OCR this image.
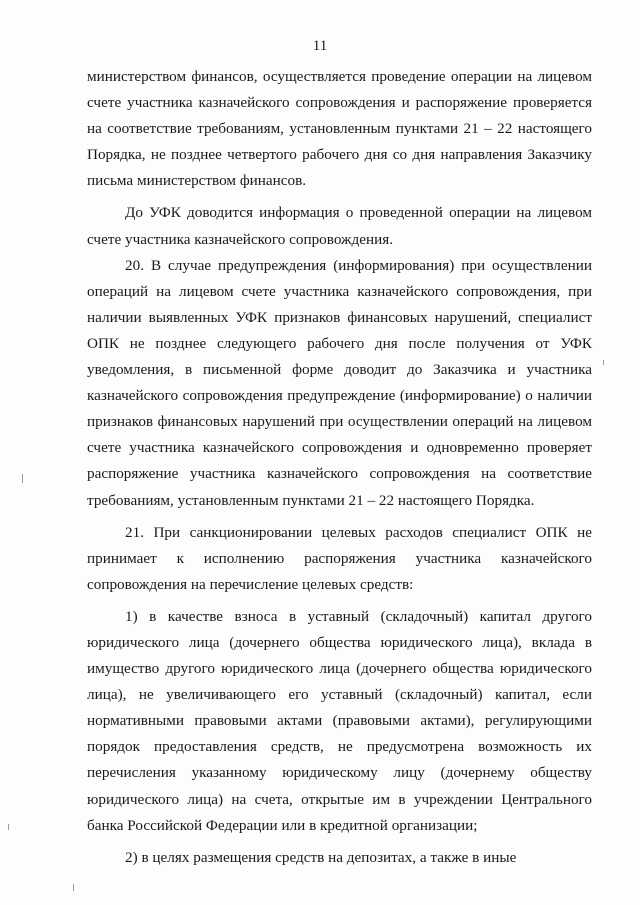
11

министерством финансов, осуществляется проведение операции на лицевом счете участника казначейского сопровождения и распоряжение проверяется на соответствие требованиям, установленным пунктами 21 – 22 настоящего Порядка, не позднее четвертого рабочего дня со дня направления Заказчику письма министерством финансов.

До УФК доводится информация о проведенной операции на лицевом счете участника казначейского сопровождения.

20. В случае предупреждения (информирования) при осуществлении операций на лицевом счете участника казначейского сопровождения, при наличии выявленных УФК признаков финансовых нарушений, специалист ОПК не позднее следующего рабочего дня после получения от УФК уведомления, в письменной форме доводит до Заказчика и участника казначейского сопровождения предупреждение (информирование) о наличии признаков финансовых нарушений при осуществлении операций на лицевом счете участника казначейского сопровождения и одновременно проверяет распоряжение участника казначейского сопровождения на соответствие требованиям, установленным пунктами 21 – 22 настоящего Порядка.

21. При санкционировании целевых расходов специалист ОПК не принимает к исполнению распоряжения участника казначейского сопровождения на перечисление целевых средств:

1) в качестве взноса в уставный (складочный) капитал другого юридического лица (дочернего общества юридического лица), вклада в имущество другого юридического лица (дочернего общества юридического лица), не увеличивающего его уставный (складочный) капитал, если нормативными правовыми актами (правовыми актами), регулирующими порядок предоставления средств, не предусмотрена возможность их перечисления указанному юридическому лицу (дочернему обществу юридического лица) на счета, открытые им в учреждении Центрального банка Российской Федерации или в кредитной организации;

2) в целях размещения средств на депозитах, а также в иные
